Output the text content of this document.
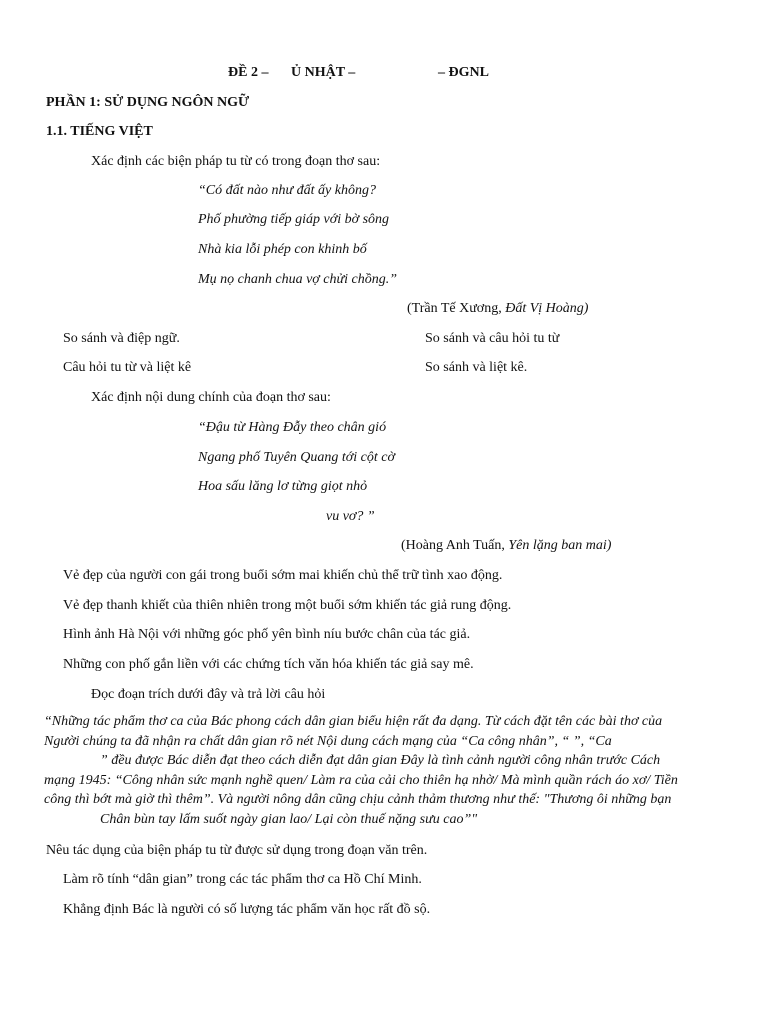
ĐỀ 2 – Ủ NHẬT –	– ĐGNL
PHẦN 1: SỬ DỤNG NGÔN NGỮ
1.1. TIẾNG VIỆT
Xác định các biện pháp tu từ có trong đoạn thơ sau:
“Có đất nào như đất ấy không?
Phố phường tiếp giáp với bờ sông
Nhà kia lỗi phép con khinh bố
Mụ nọ chanh chua vợ chửi chồng.”
(Trần Tế Xương, Đất Vị Hoàng)
So sánh và điệp ngữ.	So sánh và câu hỏi tu từ
Câu hỏi tu từ và liệt kê	So sánh và liệt kê.
Xác định nội dung chính của đoạn thơ sau:
“Đậu từ Hàng Đẫy theo chân gió
Ngang phố Tuyên Quang tới cột cờ
Hoa sấu lăng lơ từng giọt nhỏ
vu vơ? ”
(Hoàng Anh Tuấn, Yên lặng ban mai)
Vẻ đẹp của người con gái trong buổi sớm mai khiến chủ thể trữ tình xao động.
Vẻ đẹp thanh khiết của thiên nhiên trong một buổi sớm khiến tác giả rung động.
Hình ảnh Hà Nội với những góc phố yên bình níu bước chân của tác giả.
Những con phố gắn liền với các chứng tích văn hóa khiến tác giả say mê.
Đọc đoạn trích dưới đây và trả lời câu hỏi
“Những tác phẩm thơ ca của Bác phong cách dân gian biểu hiện rất đa dạng. Từ cách đặt tên các bài thơ của
Người chúng ta đã nhận ra chất dân gian rõ nét Nội dung cách mạng của “Ca công nhân”, “ ”, “Ca
” đều được Bác diễn đạt theo cách diễn đạt dân gian Đây là tình cảnh người công nhân trước Cách
mạng 1945: “Công nhân sức mạnh nghề quen/ Làm ra của cải cho thiên hạ nhờ/ Mà mình quần rách áo xơ/ Tiền
công thì bớt mà giờ thì thêm”. Và người nông dân cũng chịu cảnh thảm thương như thế: "Thương ôi những bạn
Chân bùn tay lấm suốt ngày gian lao/ Lại còn thuế nặng sưu cao”"
Nêu tác dụng của biện pháp tu từ được sử dụng trong đoạn văn trên.
Làm rõ tính “dân gian” trong các tác phẩm thơ ca Hồ Chí Minh.
Khẳng định Bác là người có số lượng tác phẩm văn học rất đồ sộ.
